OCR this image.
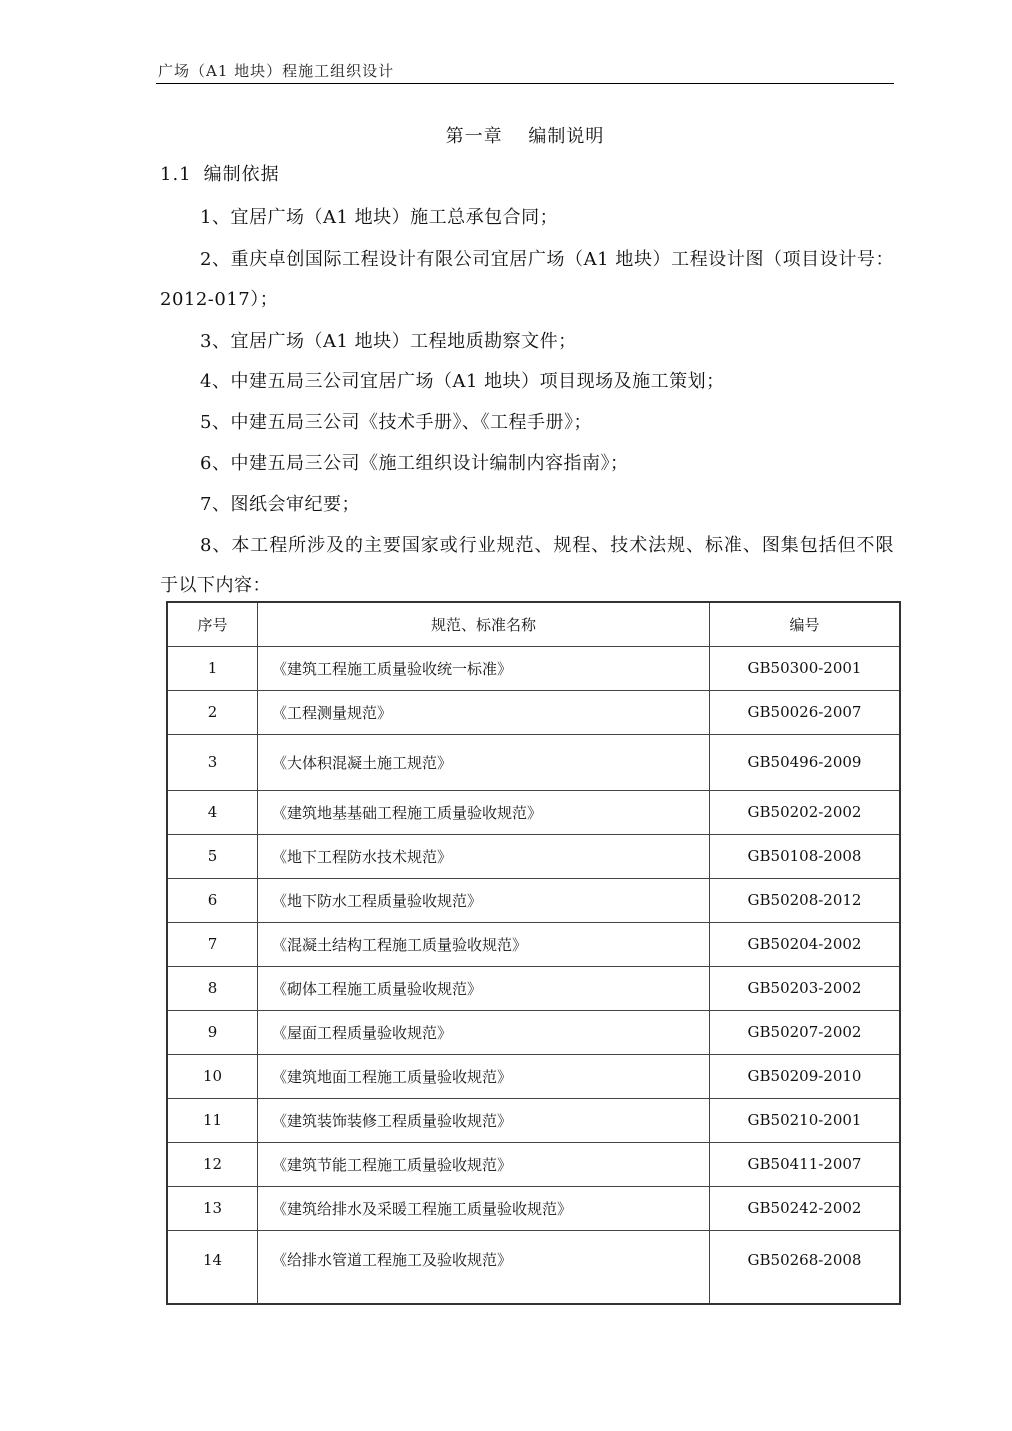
广场（A1 地块）程施工组织设计
第一章　 编制说明
1.1 编制依据

1、宜居广场（A1 地块）施工总承包合同；

2、重庆卓创国际工程设计有限公司宜居广场（A1 地块）工程设计图（项目设计号：2012-017）；

3、宜居广场（A1 地块）工程地质勘察文件；

4、中建五局三公司宜居广场（A1 地块）项目现场及施工策划；

5、中建五局三公司《技术手册》、《工程手册》；

6、中建五局三公司《施工组织设计编制内容指南》；

7、图纸会审纪要；

8、本工程所涉及的主要国家或行业规范、规程、技术法规、标准、图集包括但不限于以下内容：

序号	规范、标准名称	编号
1	《建筑工程施工质量验收统一标准》	GB50300-2001
2	《工程测量规范》	GB50026-2007
3	《大体积混凝土施工规范》	GB50496-2009
4	《建筑地基基础工程施工质量验收规范》	GB50202-2002
5	《地下工程防水技术规范》	GB50108-2008
6	《地下防水工程质量验收规范》	GB50208-2012
7	《混凝土结构工程施工质量验收规范》	GB50204-2002
8	《砌体工程施工质量验收规范》	GB50203-2002
9	《屋面工程质量验收规范》	GB50207-2002
10	《建筑地面工程施工质量验收规范》	GB50209-2010
11	《建筑装饰装修工程质量验收规范》	GB50210-2001
12	《建筑节能工程施工质量验收规范》	GB50411-2007
13	《建筑给排水及采暖工程施工质量验收规范》	GB50242-2002
14	《给排水管道工程施工及验收规范》	GB50268-2008
